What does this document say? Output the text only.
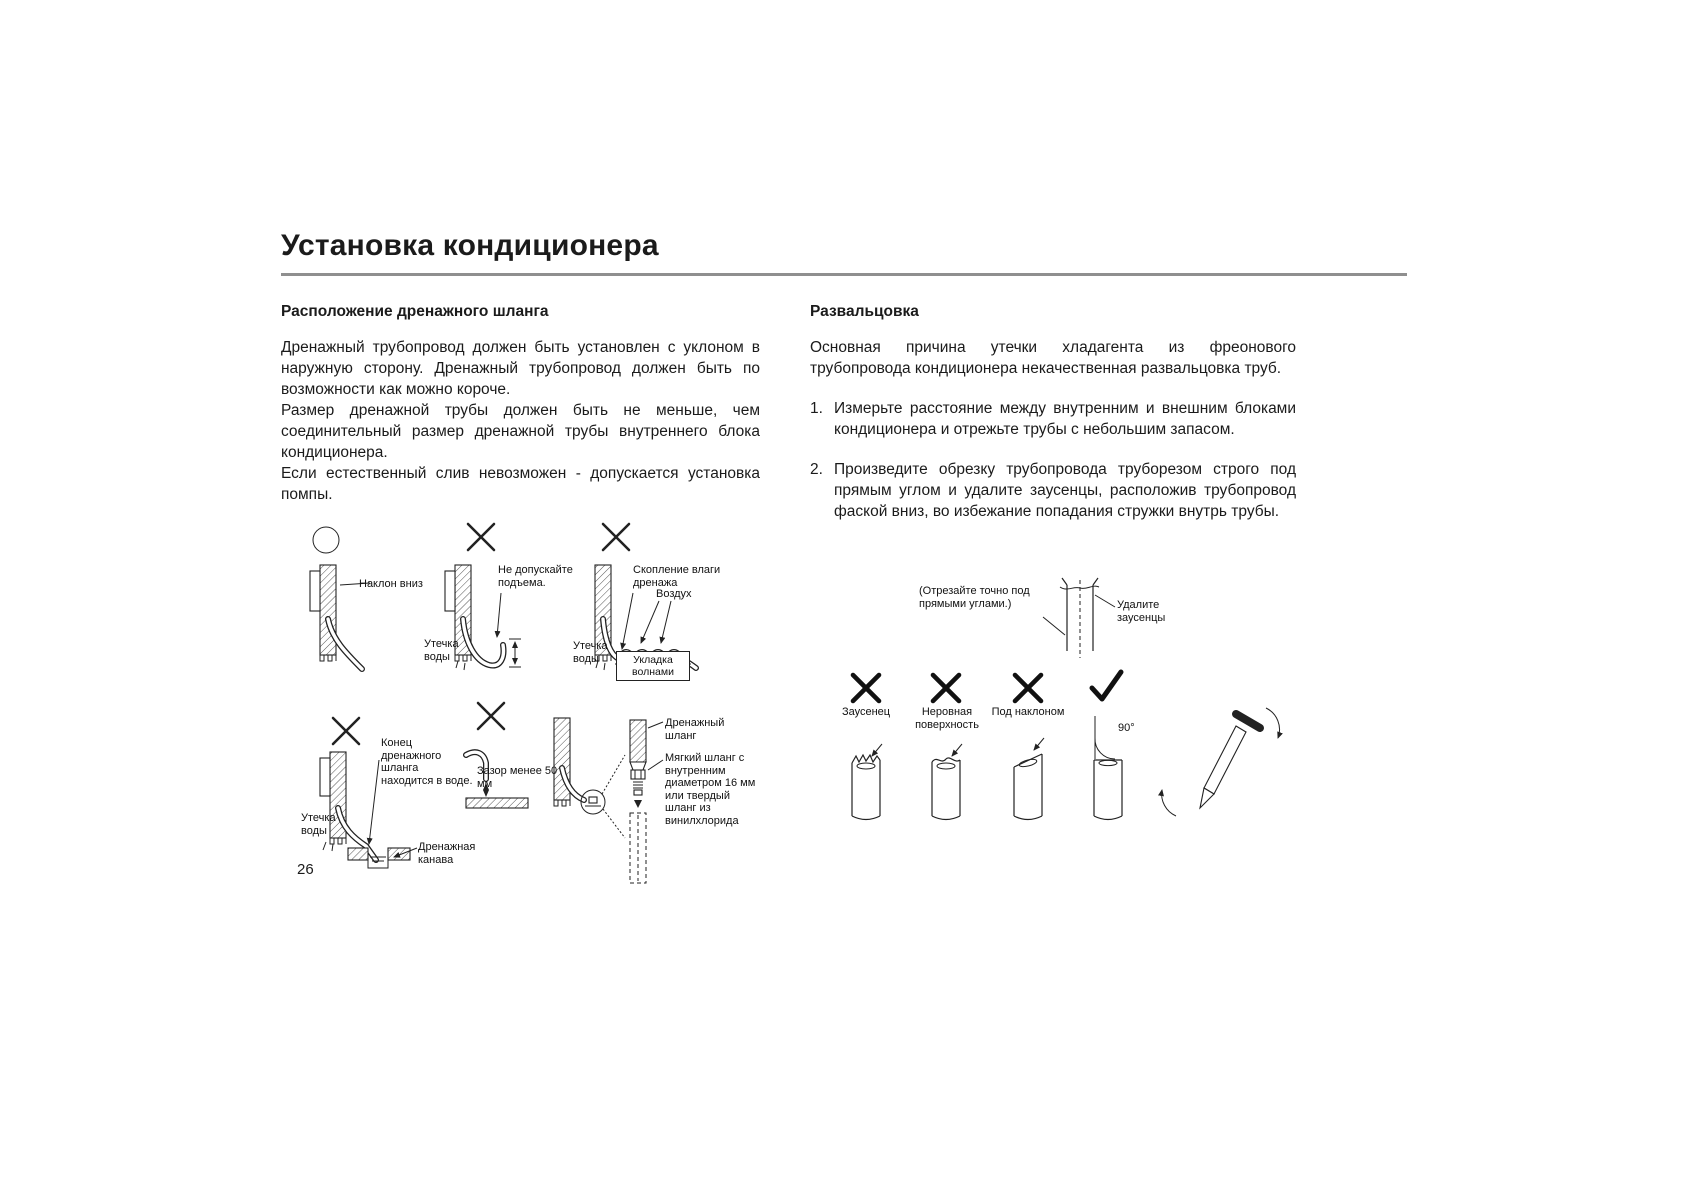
Установка кондиционера
Расположение дренажного шланга

Дренажный трубопровод должен быть установлен с уклоном в наружную сторону. Дренажный трубопровод должен быть по возможности как можно короче.

Размер дренажной трубы должен быть не меньше, чем соединительный размер дренажной трубы внутреннего блока кондиционера.

Если естественный слив невозможен - допускается установка помпы.

Развальцовка

Основная причина утечки хладагента из фреонового трубопровода кондиционера некачественная развальцовка труб.

1. Измерьте расстояние между внутренним и внешним блоками кондиционера и отрежьте трубы с небольшим запасом.
2. Произведите обрезку трубопровода труборезом строго под прямым углом и удалите заусенцы, расположив трубопровод фаской вниз, во избежание попадания стружки внутрь трубы.
Наклон вниз
Не допускайте подъема.
Утечка воды
Скопление влаги дренажа
Воздух
Утечка воды	Укладка волнами
Конец дренажного шланга находится в воде.
Утечка воды
Дренажная канава
Зазор менее 50 мм
Дренажный шланг
Мягкий шланг с внутренним диаметром 16 мм или твердый шланг из винилхлорида
(Отрезайте точно под прямыми углами.)	Удалите заусенцы
Заусенец	Неровная поверхность
Под наклоном
90°
26
